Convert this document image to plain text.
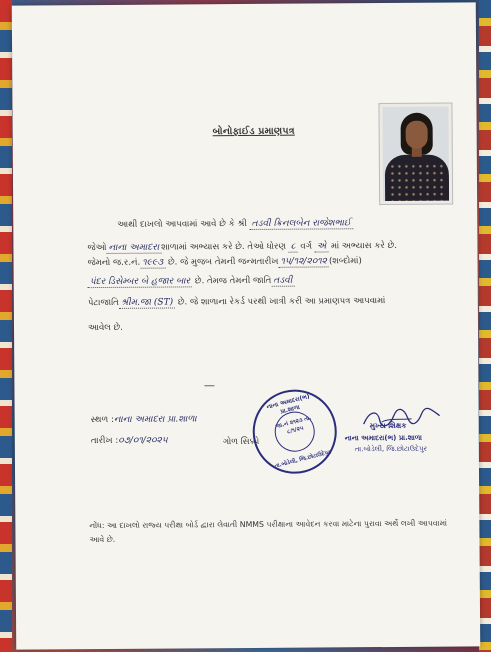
બોનોફાઈડ પ્રમાણપત્ર
આથી દાખલો આપવામાં આવે છે કે શ્રી તડવી ક્રિનલબેન રાજેશભાઈ
જેઓ નાના અમાદરા શાળામાં અભ્યાસ કરે છે. તેઓ ધોરણ ૮ વર્ગ એ માં અભ્યાસ કરે છે.
જેમનો જ.ર.નં. ૧૯૯૩ છે. જે મુજબ તેમની જન્મતારીખ ૧૫/૧૨/૨૦૧૨ (શબ્દોમાં)
પંદર ડિસેમ્બર બે હજાર બાર છે. તેમજ તેમની જાતિ તડવી
પેટાજાતિ શ્રીમ.જા (ST) છે. જે શાળાના રેકર્ડ પરથી ખાત્રી કરી આ પ્રમાણપત્ર આપવામાં
આવેલ છે.
સ્થળ :નાના અમાદરા પ્રા.શાળા
તારીખ :૦૭/૦૧/૨૦૨૫	ગોળ સિક્કો
નાના અમાદરા(ભ) પ્રા.શાળા
જા.નં ૨૧૨૩ તા. ૮/૧/૨૫
તા.બોડેલી, જિ.છોટાઉદેપુર
મુખ્ય શિક્ષક
નાના અમાદરા(ભ) પ્રા.શાળા
તા.બોડેલી, જિ.છોટાઉદેપુર
નોંધ: આ દાખલો રાજ્ય પરીક્ષા બોર્ડ દ્વારા લેવાતી NMMS પરીક્ષાના આવેદન કરવા માટેના પુરાવા અર્થે લખી આપવામાં આવે છે.
